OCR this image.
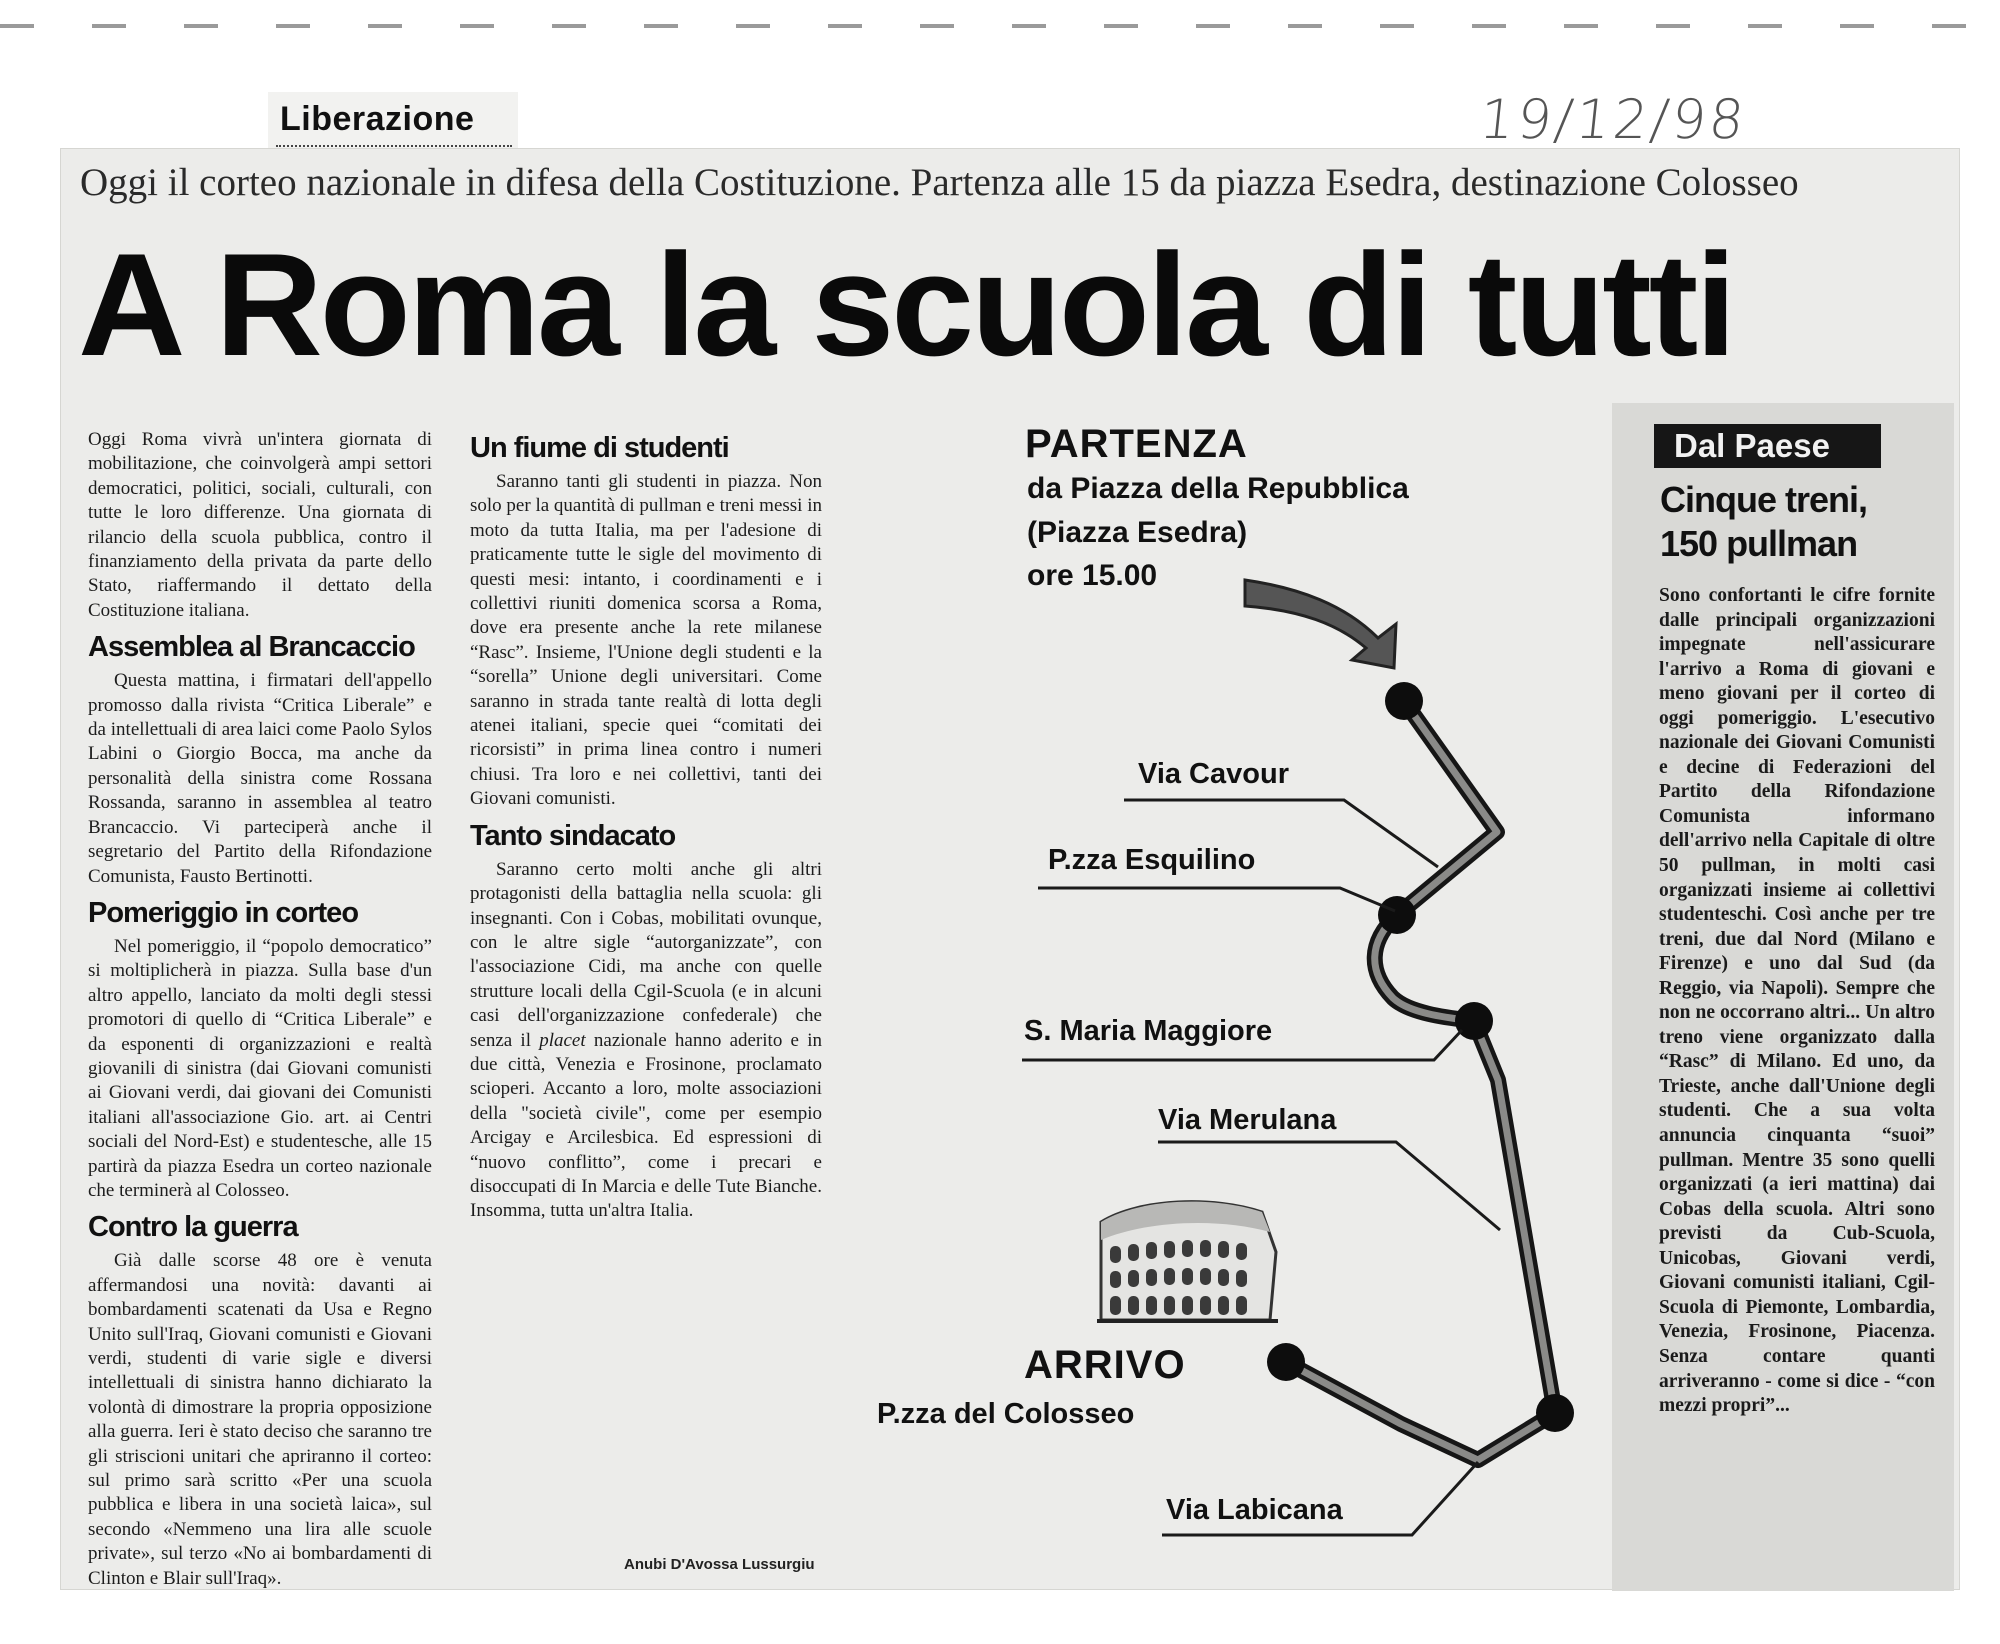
Liberazione	19/12/98
Oggi il corteo nazionale in difesa della Costituzione. Partenza alle 15 da piazza Esedra, destinazione Colosseo
A Roma la scuola di tutti

Oggi Roma vivrà un'intera giornata di mobilitazione, che coinvolgerà ampi settori democratici, politici, sociali, culturali, con tutte le loro differenze. Una giornata di rilancio della scuola pubblica, contro il finanziamento della privata da parte dello Stato, riaffermando il dettato della Costituzione italiana.

Assemblea al Brancaccio

Questa mattina, i firmatari dell'appello promosso dalla rivista “Critica Liberale” e da intellettuali di area laici come Paolo Sylos Labini o Giorgio Bocca, ma anche da personalità della sinistra come Rossana Rossanda, saranno in assemblea al teatro Brancaccio. Vi parteciperà anche il segretario del Partito della Rifondazione Comunista, Fausto Bertinotti.

Pomeriggio in corteo

Nel pomeriggio, il “popolo democratico” si moltiplicherà in piazza. Sulla base d'un altro appello, lanciato da molti degli stessi promotori di quello di “Critica Liberale” e da esponenti di organizzazioni e realtà giovanili di sinistra (dai Giovani comunisti ai Giovani verdi, dai giovani dei Comunisti italiani all'associazione Gio. art. ai Centri sociali del Nord-Est) e studentesche, alle 15 partirà da piazza Esedra un corteo nazionale che terminerà al Colosseo.

Contro la guerra

Già dalle scorse 48 ore è venuta affermandosi una novità: davanti ai bombardamenti scatenati da Usa e Regno Unito sull'Iraq, Giovani comunisti e Giovani verdi, studenti di varie sigle e diversi intellettuali di sinistra hanno dichiarato la volontà di dimostrare la propria opposizione alla guerra. Ieri è stato deciso che saranno tre gli striscioni unitari che apriranno il corteo: sul primo sarà scritto «Per una scuola pubblica e libera in una società laica», sul secondo «Nemmeno una lira alle scuole private», sul terzo «No ai bombardamenti di Clinton e Blair sull'Iraq».

Un fiume di studenti

Saranno tanti gli studenti in piazza. Non solo per la quantità di pullman e treni messi in moto da tutta Italia, ma per l'adesione di praticamente tutte le sigle del movimento di questi mesi: intanto, i coordinamenti e i collettivi riuniti domenica scorsa a Roma, dove era presente anche la rete milanese “Rasc”. Insieme, l'Unione degli studenti e la “sorella” Unione degli universitari. Come saranno in strada tante realtà di lotta degli atenei italiani, specie quei “comitati dei ricorsisti” in prima linea contro i numeri chiusi. Tra loro e nei collettivi, tanti dei Giovani comunisti.

Tanto sindacato

Saranno certo molti anche gli altri protagonisti della battaglia nella scuola: gli insegnanti. Con i Cobas, mobilitati ovunque, con le altre sigle “autorganizzate”, con l'associazione Cidi, ma anche con quelle strutture locali della Cgil-Scuola (e in alcuni casi dell'organizzazione confederale) che senza il placet nazionale hanno aderito e in due città, Venezia e Frosinone, proclamato scioperi. Accanto a loro, molte associazioni della "società civile", come per esempio Arcigay e Arcilesbica. Ed espressioni di “nuovo conflitto”, come i precari e disoccupati di In Marcia e delle Tute Bianche. Insomma, tutta un'altra Italia.

Anubi D'Avossa Lussurgiu
PARTENZA
da Piazza della Repubblica
(Piazza Esedra)
ore 15.00
Via Cavour
P.zza Esquilino
S. Maria Maggiore
Via Merulana
Via Labicana
ARRIVO
P.zza del Colosseo
Dal Paese
Cinque treni,
150 pullman

Sono confortanti le cifre fornite dalle principali organizzazioni impegnate nell'assicurare l'arrivo a Roma di giovani e meno giovani per il corteo di oggi pomeriggio. L'esecutivo nazionale dei Giovani Comunisti e decine di Federazioni del Partito della Rifondazione Comunista informano dell'arrivo nella Capitale di oltre 50 pullman, in molti casi organizzati insieme ai collettivi studenteschi. Così anche per tre treni, due dal Nord (Milano e Firenze) e uno dal Sud (da Reggio, via Napoli). Sempre che non ne occorrano altri... Un altro treno viene organizzato dalla “Rasc” di Milano. Ed uno, da Trieste, anche dall'Unione degli studenti. Che a sua volta annuncia cinquanta “suoi” pullman. Mentre 35 sono quelli organizzati (a ieri mattina) dai Cobas della scuola. Altri sono previsti da Cub-Scuola, Unicobas, Giovani verdi, Giovani comunisti italiani, Cgil-Scuola di Piemonte, Lombardia, Venezia, Frosinone, Piacenza. Senza contare quanti arriveranno - come si dice - “con mezzi propri”...
